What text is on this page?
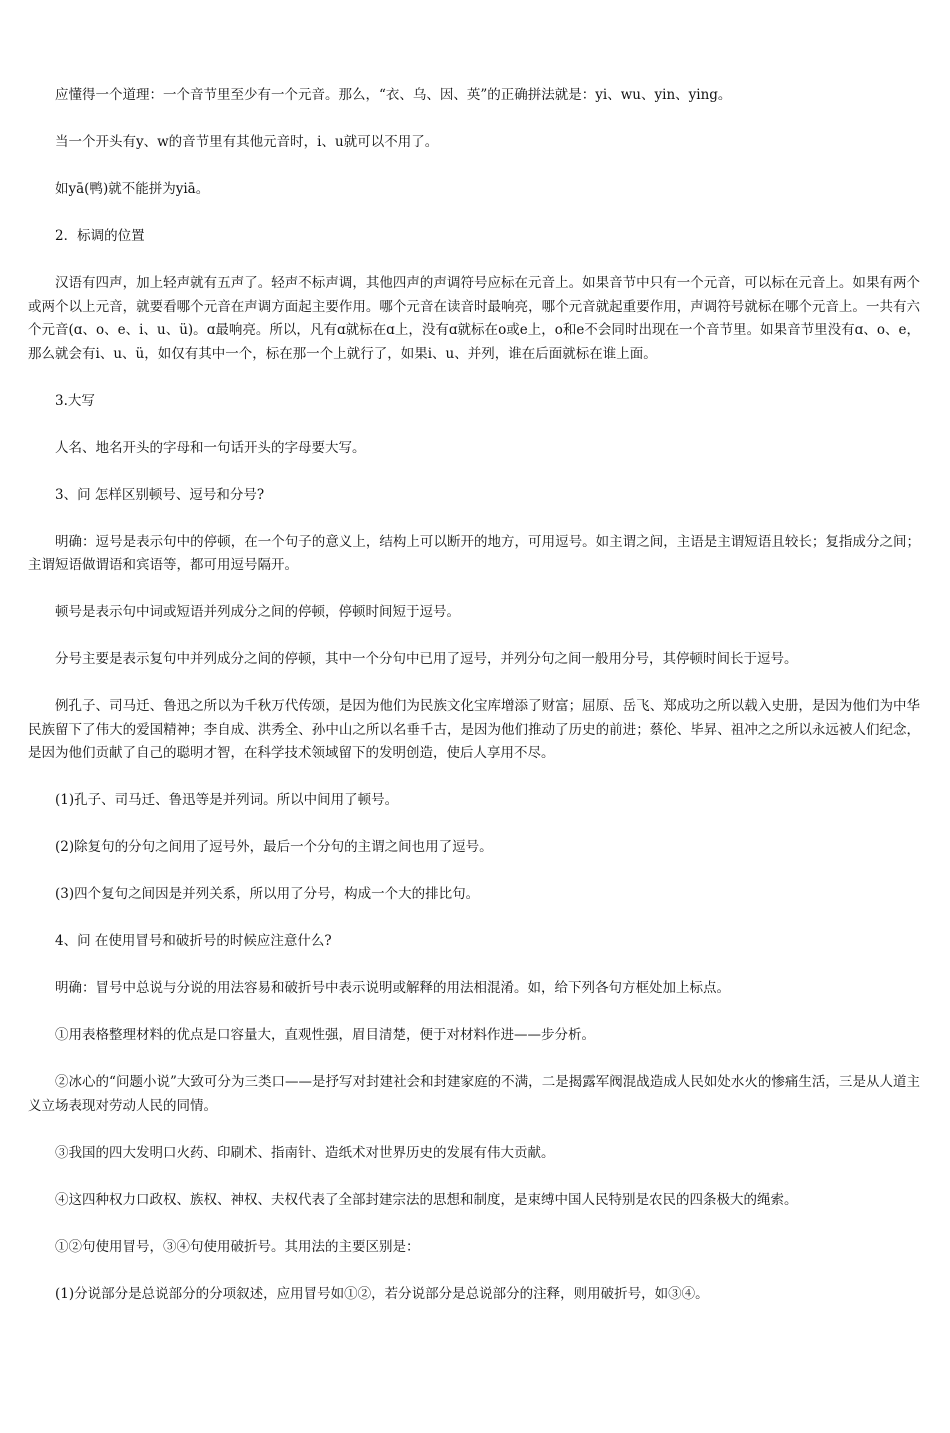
应懂得一个道理：一个音节里至少有一个元音。那么，“衣、乌、因、英”的正确拼法就是：yi、wu、yin、ying。

当一个开头有y、w的音节里有其他元音时，i、u就可以不用了。

如yā(鸭)就不能拼为yiā。

2．标调的位置

汉语有四声，加上轻声就有五声了。轻声不标声调，其他四声的声调符号应标在元音上。如果音节中只有一个元音，可以标在元音上。如果有两个或两个以上元音，就要看哪个元音在声调方面起主要作用。哪个元音在读音时最响亮，哪个元音就起重要作用，声调符号就标在哪个元音上。一共有六个元音(ɑ、o、e、i、u、ü)。ɑ最响亮。所以，凡有ɑ就标在ɑ上，没有ɑ就标在o或e上，o和e不会同时出现在一个音节里。如果音节里没有ɑ、o、e，那么就会有i、u、ü，如仅有其中一个，标在那一个上就行了，如果i、u、并列，谁在后面就标在谁上面。

3.大写

人名、地名开头的字母和一句话开头的字母要大写。

3、问 怎样区别顿号、逗号和分号?

明确：逗号是表示句中的停顿，在一个句子的意义上，结构上可以断开的地方，可用逗号。如主谓之间，主语是主谓短语且较长；复指成分之间；主谓短语做谓语和宾语等，都可用逗号隔开。

顿号是表示句中词或短语并列成分之间的停顿，停顿时间短于逗号。

分号主要是表示复句中并列成分之间的停顿，其中一个分句中已用了逗号，并列分句之间一般用分号，其停顿时间长于逗号。

例孔子、司马迁、鲁迅之所以为千秋万代传颂，是因为他们为民族文化宝库增添了财富；屈原、岳飞、郑成功之所以载入史册，是因为他们为中华民族留下了伟大的爱国精神；李自成、洪秀全、孙中山之所以名垂千古，是因为他们推动了历史的前进；蔡伦、毕昇、祖冲之之所以永远被人们纪念，是因为他们贡献了自己的聪明才智，在科学技术领域留下的发明创造，使后人享用不尽。

(1)孔子、司马迁、鲁迅等是并列词。所以中间用了顿号。

(2)除复句的分句之间用了逗号外，最后一个分句的主谓之间也用了逗号。

(3)四个复句之间因是并列关系，所以用了分号，构成一个大的排比句。

4、问 在使用冒号和破折号的时候应注意什么?

明确：冒号中总说与分说的用法容易和破折号中表示说明或解释的用法相混淆。如，给下列各句方框处加上标点。

①用表格整理材料的优点是口容量大，直观性强，眉目清楚，便于对材料作进——步分析。

②冰心的“问题小说”大致可分为三类口——是抒写对封建社会和封建家庭的不满，二是揭露军阀混战造成人民如处水火的惨痛生活，三是从人道主义立场表现对劳动人民的同情。

③我国的四大发明口火药、印刷术、指南针、造纸术对世界历史的发展有伟大贡献。

④这四种权力口政权、族权、神权、夫权代表了全部封建宗法的思想和制度，是束缚中国人民特别是农民的四条极大的绳索。

①②句使用冒号，③④句使用破折号。其用法的主要区别是：

(1)分说部分是总说部分的分项叙述，应用冒号如①②，若分说部分是总说部分的注释，则用破折号，如③④。
